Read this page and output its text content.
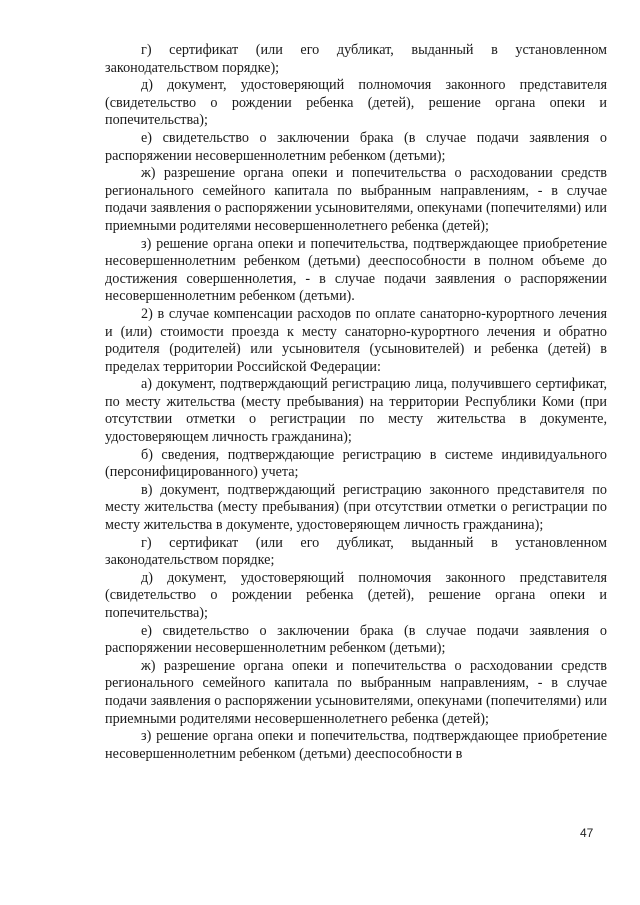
г) сертификат (или его дубликат, выданный в установленном законодательством порядке);

д) документ, удостоверяющий полномочия законного представителя (свидетельство о рождении ребенка (детей), решение органа опеки и попечительства);

е) свидетельство о заключении брака (в случае подачи заявления о распоряжении несовершеннолетним ребенком (детьми);

ж) разрешение органа опеки и попечительства о расходовании средств регионального семейного капитала по выбранным направлениям, - в случае подачи заявления о распоряжении усыновителями, опекунами (попечителями) или приемными родителями несовершеннолетнего ребенка (детей);

з) решение органа опеки и попечительства, подтверждающее приобретение несовершеннолетним ребенком (детьми) дееспособности в полном объеме до достижения совершеннолетия, - в случае подачи заявления о распоряжении несовершеннолетним ребенком (детьми).

2) в случае компенсации расходов по оплате санаторно-курортного лечения и (или) стоимости проезда к месту санаторно-курортного лечения и обратно родителя (родителей) или усыновителя (усыновителей) и ребенка (детей) в пределах территории Российской Федерации:

а) документ, подтверждающий регистрацию лица, получившего сертификат, по месту жительства (месту пребывания) на территории Республики Коми (при отсутствии отметки о регистрации по месту жительства в документе, удостоверяющем личность гражданина);

б) сведения, подтверждающие регистрацию в системе индивидуального (персонифицированного) учета;

в) документ, подтверждающий регистрацию законного представителя по месту жительства (месту пребывания) (при отсутствии отметки о регистрации по месту жительства в документе, удостоверяющем личность гражданина);

г) сертификат (или его дубликат, выданный в установленном законодательством порядке;

д) документ, удостоверяющий полномочия законного представителя (свидетельство о рождении ребенка (детей), решение органа опеки и попечительства);

е) свидетельство о заключении брака (в случае подачи заявления о распоряжении несовершеннолетним ребенком (детьми);

ж) разрешение органа опеки и попечительства о расходовании средств регионального семейного капитала по выбранным направлениям, - в случае подачи заявления о распоряжении усыновителями, опекунами (попечителями) или приемными родителями несовершеннолетнего ребенка (детей);

з) решение органа опеки и попечительства, подтверждающее приобретение несовершеннолетним ребенком (детьми) дееспособности в

47
